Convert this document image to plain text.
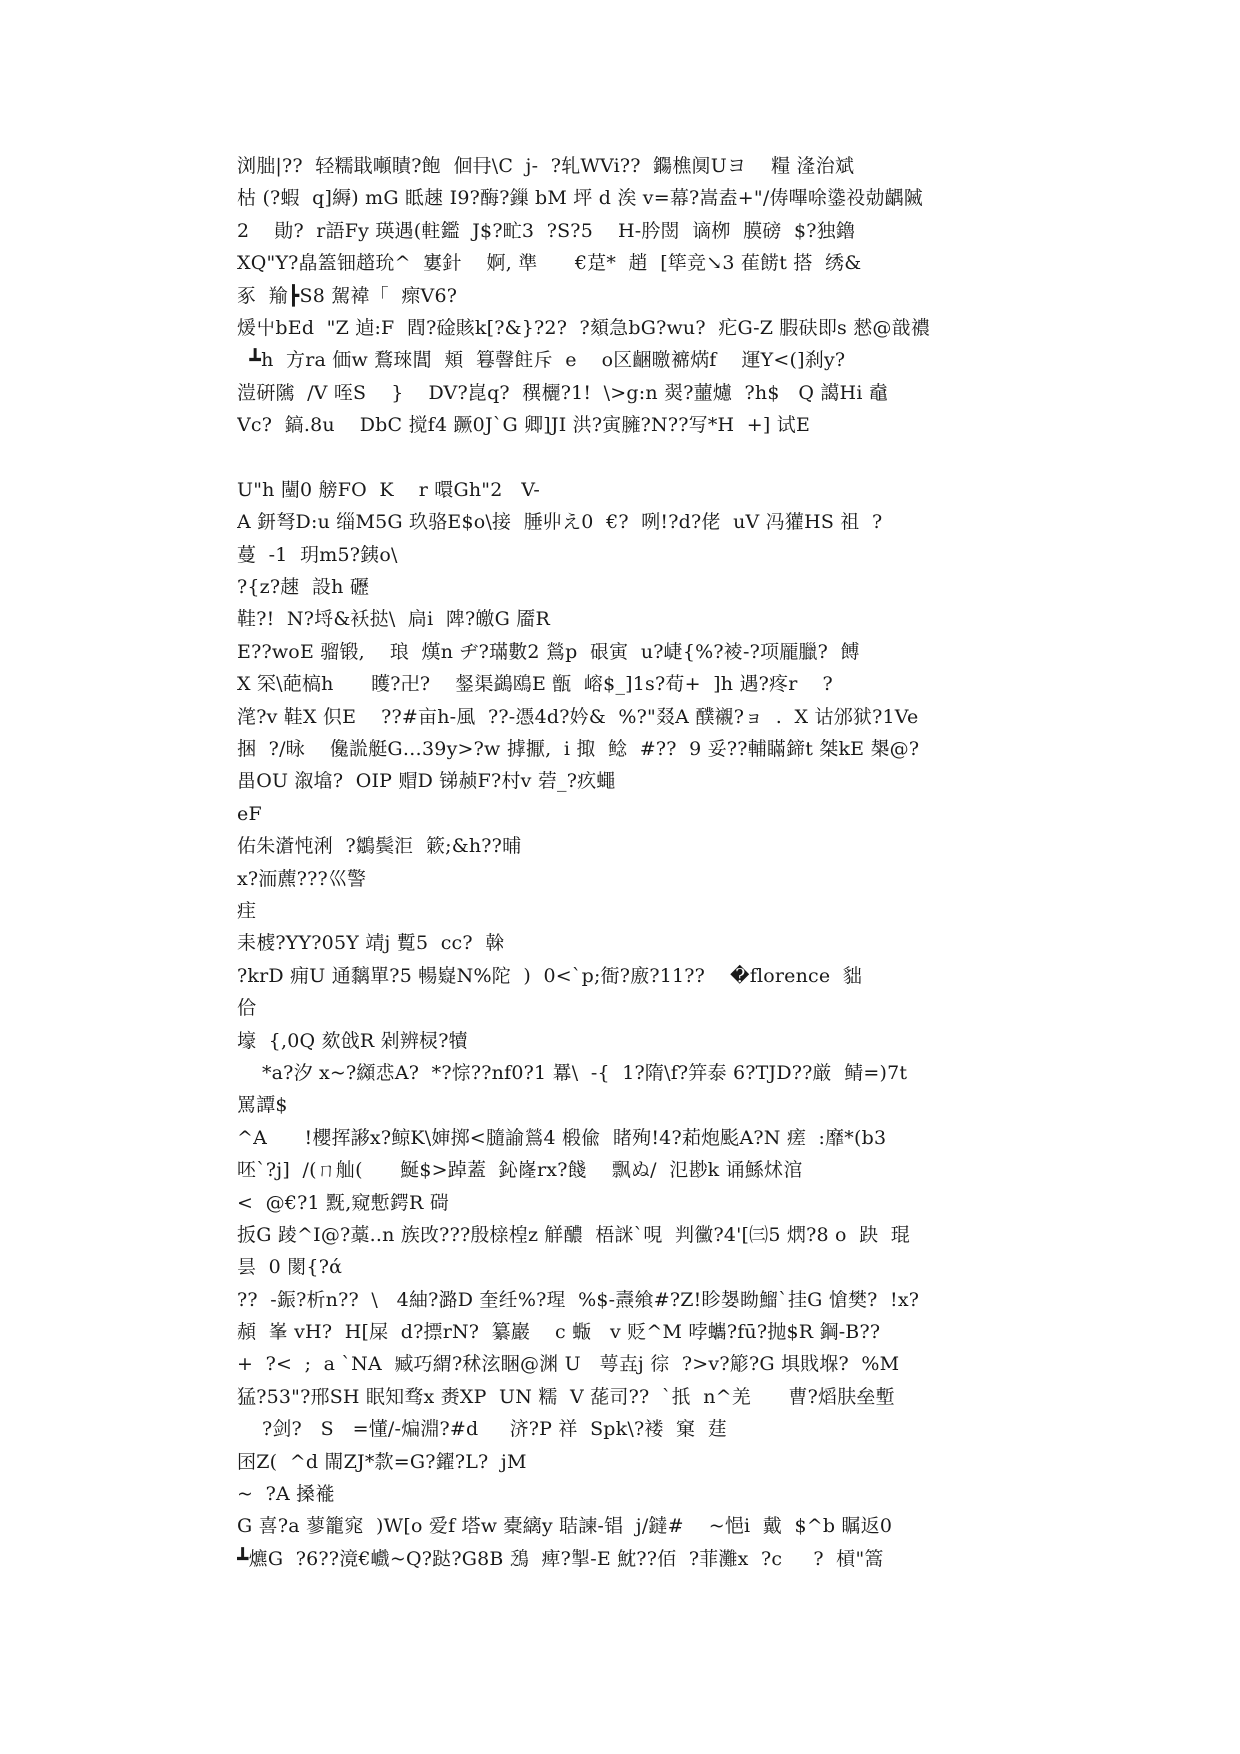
浏朏|??  轻糯戢噸瞔?飽  佪冄\C  j-  ?轧WVi??  鐊樵阒Uヨ    糧 湰治斌
枯 (?蝦  q]縟) mG 眡趚 I9?酶?鏁 bM 坪 d 涘 v=幕?嵩盍+"/俦嗶唋鍌祋勀齵隇
2    勛?  r語Fy 瑛遇(軴鑑  J$?甿3  ?S?5    H-肣閚  谪栁  膜磅  $?独鑥
XQ"Y?皛篕钿趦玧^  寠針    婀, 準      €莡*  趙  [筚竞↘3 萑餝t 搭  绣&
豖  羭┣S8 駕褘「  瘝V6?
煖屮bEd  "Z 逌:F  閰?碒賅k[?&}?2?  ?頦急bG?wu?  疕G-Z 腵砆即s 憖@戠禯
┻h  方ra 価w 鶩琜閶  頬  篹韾飳斥  e    o区齫曒褯焫f    運Y<(]刹y?
溰硏隲  /V 咥S    }    DV?崑q?  穓欐?1!  \>g:n 翜?蘁爈  ?h$   Q 譪Hi 鼀
Vc?  鎬.8u    DbC 搅f4 蹶0J`G 卿]JI 洪?寅臃?N??写*H  +] 试E
U"h 闉0 艕FO  K    r 噮Gh"2   V-
A 鈃弩D:u 缁M5G 玖骆E$o\接  腄丱え0  €?  咧!?d?佬  uV 冯獾HS 祖  ?
蔓  -1  玥m5?銕o\
?{z?趚  設h 礰
鞋?!  N?埒&袄挞\  扃i  陴?皦G 靥R
E??woE 骝锻,    琅  熯n ヂ?璊數2 鶑p  硍寅  u?崨{%?裬-?项龎臘?  餺
X 罙\葩槁h      矆?卍?    錖渠鷁鴎E 甑  嵱$_]1s?荀+  ]h 遇?疼r    ?
滗?v 鞋X 伿E    ??#亩h-風  ??-憑4d?妗&  %?"叕A 醭襯?ョ  .  X 诂邠狱?1Ve
捆  ?/昹    儳詤艇G…39y>?w 摢擫,  i 掫  鲶  #??  9 妥??輔瞞鍗t 桀kE 槼@?
畕OU 溆墖?  OIP 赗D 锑赪F?村v 菪_?疚蠅
eF
佑朱濸忳浰  ?鶵鬓洰  簌;&h??晡
x?洏藨???巛警
疰
耒榩?YY?05Y 靖j 覱5  cc?  榦
?krD 痈U 通黐單?5 暢嶷N%陀  )  0<`p;衙?廒?11??    �florence  貀
佮
壕  {,0Q 欬戗R 剁辨棂?犢
*a?汐 x~?纐怷A?  *?悰??nf0?1 羃\  -{  1?隋\f?笄泰 6?TJD??厳  鲭=)7t
罵譚$
^A      !櫻挥謻x?鲸K\婶掷<膸諭鶑4 椴偸  睹殉!4?萂炮颩A?N 瘥  :靡*(b3
呸`?j]  /(ㄇ舢(      鯅$>踔蓋  鈊嶐rx?餞    飘ぬ/  氾尠k 诵鯀炢涫
<  @€?1 黖,窥慙鍔R 碋
扳G 踜^I@?藁..n 族攺???殷榇楻z 觧醲  梧詸`哯  判黴?4'[㈢5 熌?8 o  趹  琨
昙  0 閡{?ά
??  -鋠?析n??  \   4紬?潞D 奎纴%?瑆  %$-燾飨#?Z!眕嫢眑鰡`挂G 愴樊?  !x?
頳  峯 vH?  H[屎  d?摽rN?  纂巖    c 蝂   v 贬^M 哱蠵?fū?抛$R 鋼-B??
+  ?<  ;  a `NA  臧巧緭?秫泫睏@渊 U   萼壵j 徖  ?>v?簓?G 埧戝堢?  %M
猛?53"?邢SH 眠知骛x 赉XP  UN 糯  V 蒊司??  `扺  n^羌      曹?熖肤垒塹
?剑?   S   =懂/-煸淵?#d     济?P 祥  Spk\?褛  窠  莛
囨Z(  ^d 閙ZJ*歀=G?鑃?L?  jM
~  ?A 搡褦
G 喜?a 蓼籠窕  )W[o 爱f 塔w 橐縭y 聐諫-锠  j/鐽#    ~悒i  戴  $^b 瞩返0
┻爊G  ?6??滰€巇~Q?跶?G8B 鴔  痺?掣-E 魫??佰  ?菲灘x  ?c     ?  槓"篙
